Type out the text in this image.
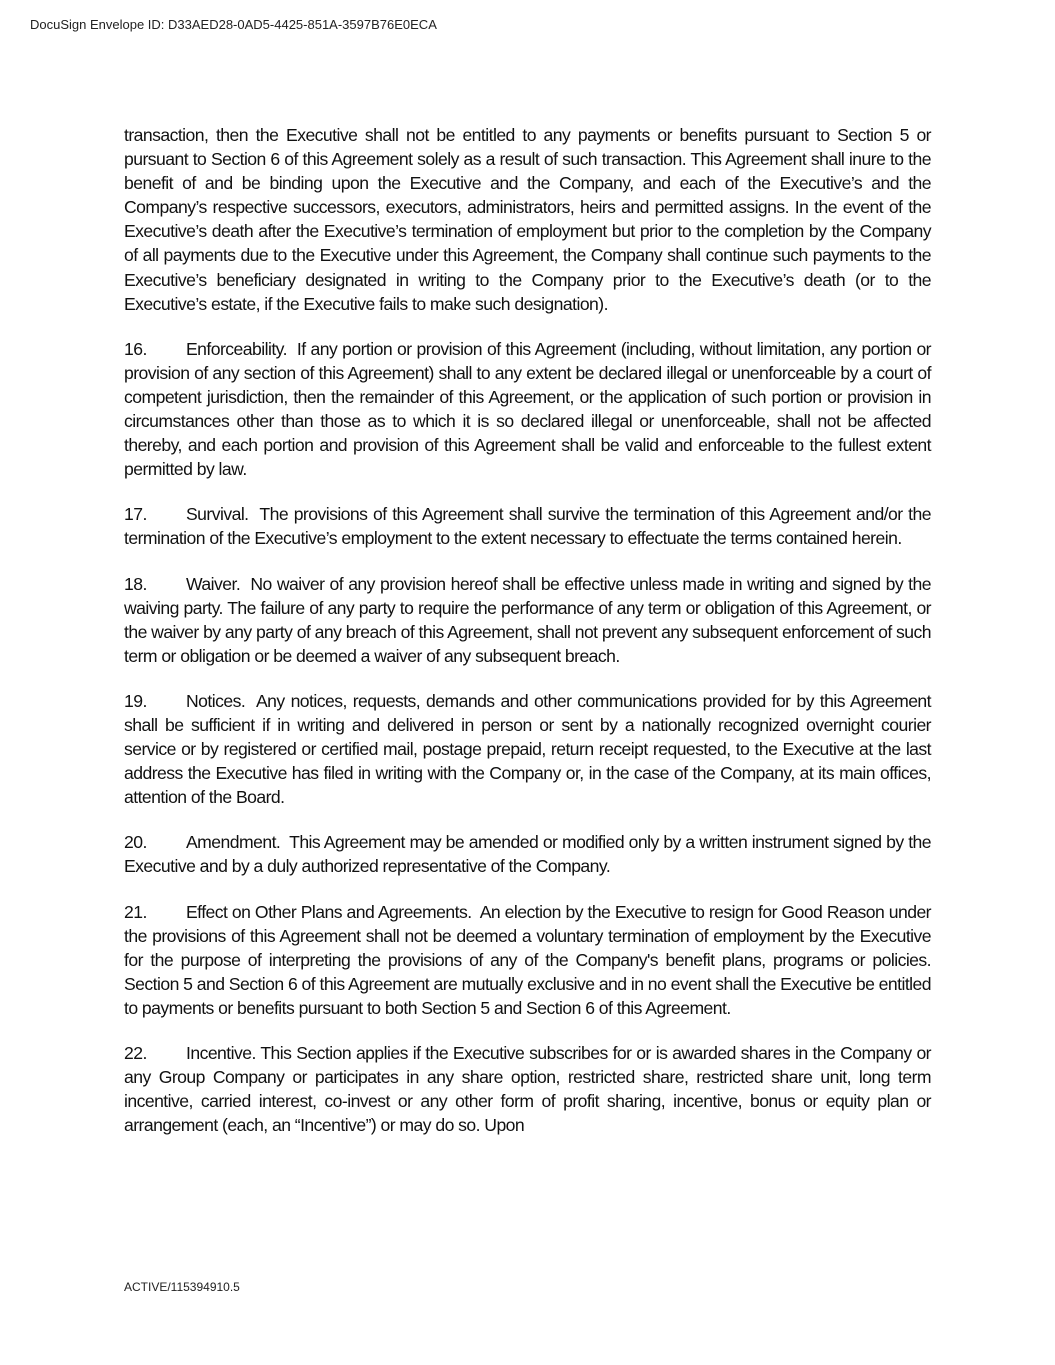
DocuSign Envelope ID: D33AED28-0AD5-4425-851A-3597B76E0ECA

transaction, then the Executive shall not be entitled to any payments or benefits pursuant to Section 5 or pursuant to Section 6 of this Agreement solely as a result of such transaction. This Agreement shall inure to the benefit of and be binding upon the Executive and the Company, and each of the Executive’s and the Company’s respective successors, executors, administrators, heirs and permitted assigns. In the event of the Executive’s death after the Executive’s termination of employment but prior to the completion by the Company of all payments due to the Executive under this Agreement, the Company shall continue such payments to the Executive’s beneficiary designated in writing to the Company prior to the Executive’s death (or to the Executive’s estate, if the Executive fails to make such designation).

16. Enforceability. If any portion or provision of this Agreement (including, without limitation, any portion or provision of any section of this Agreement) shall to any extent be declared illegal or unenforceable by a court of competent jurisdiction, then the remainder of this Agreement, or the application of such portion or provision in circumstances other than those as to which it is so declared illegal or unenforceable, shall not be affected thereby, and each portion and provision of this Agreement shall be valid and enforceable to the fullest extent permitted by law.

17. Survival. The provisions of this Agreement shall survive the termination of this Agreement and/or the termination of the Executive’s employment to the extent necessary to effectuate the terms contained herein.

18. Waiver. No waiver of any provision hereof shall be effective unless made in writing and signed by the waiving party. The failure of any party to require the performance of any term or obligation of this Agreement, or the waiver by any party of any breach of this Agreement, shall not prevent any subsequent enforcement of such term or obligation or be deemed a waiver of any subsequent breach.

19. Notices. Any notices, requests, demands and other communications provided for by this Agreement shall be sufficient if in writing and delivered in person or sent by a nationally recognized overnight courier service or by registered or certified mail, postage prepaid, return receipt requested, to the Executive at the last address the Executive has filed in writing with the Company or, in the case of the Company, at its main offices, attention of the Board.

20. Amendment. This Agreement may be amended or modified only by a written instrument signed by the Executive and by a duly authorized representative of the Company.

21. Effect on Other Plans and Agreements. An election by the Executive to resign for Good Reason under the provisions of this Agreement shall not be deemed a voluntary termination of employment by the Executive for the purpose of interpreting the provisions of any of the Company's benefit plans, programs or policies. Section 5 and Section 6 of this Agreement are mutually exclusive and in no event shall the Executive be entitled to payments or benefits pursuant to both Section 5 and Section 6 of this Agreement.

22. Incentive. This Section applies if the Executive subscribes for or is awarded shares in the Company or any Group Company or participates in any share option, restricted share, restricted share unit, long term incentive, carried interest, co-invest or any other form of profit sharing, incentive, bonus or equity plan or arrangement (each, an “Incentive”) or may do so. Upon

ACTIVE/115394910.5
